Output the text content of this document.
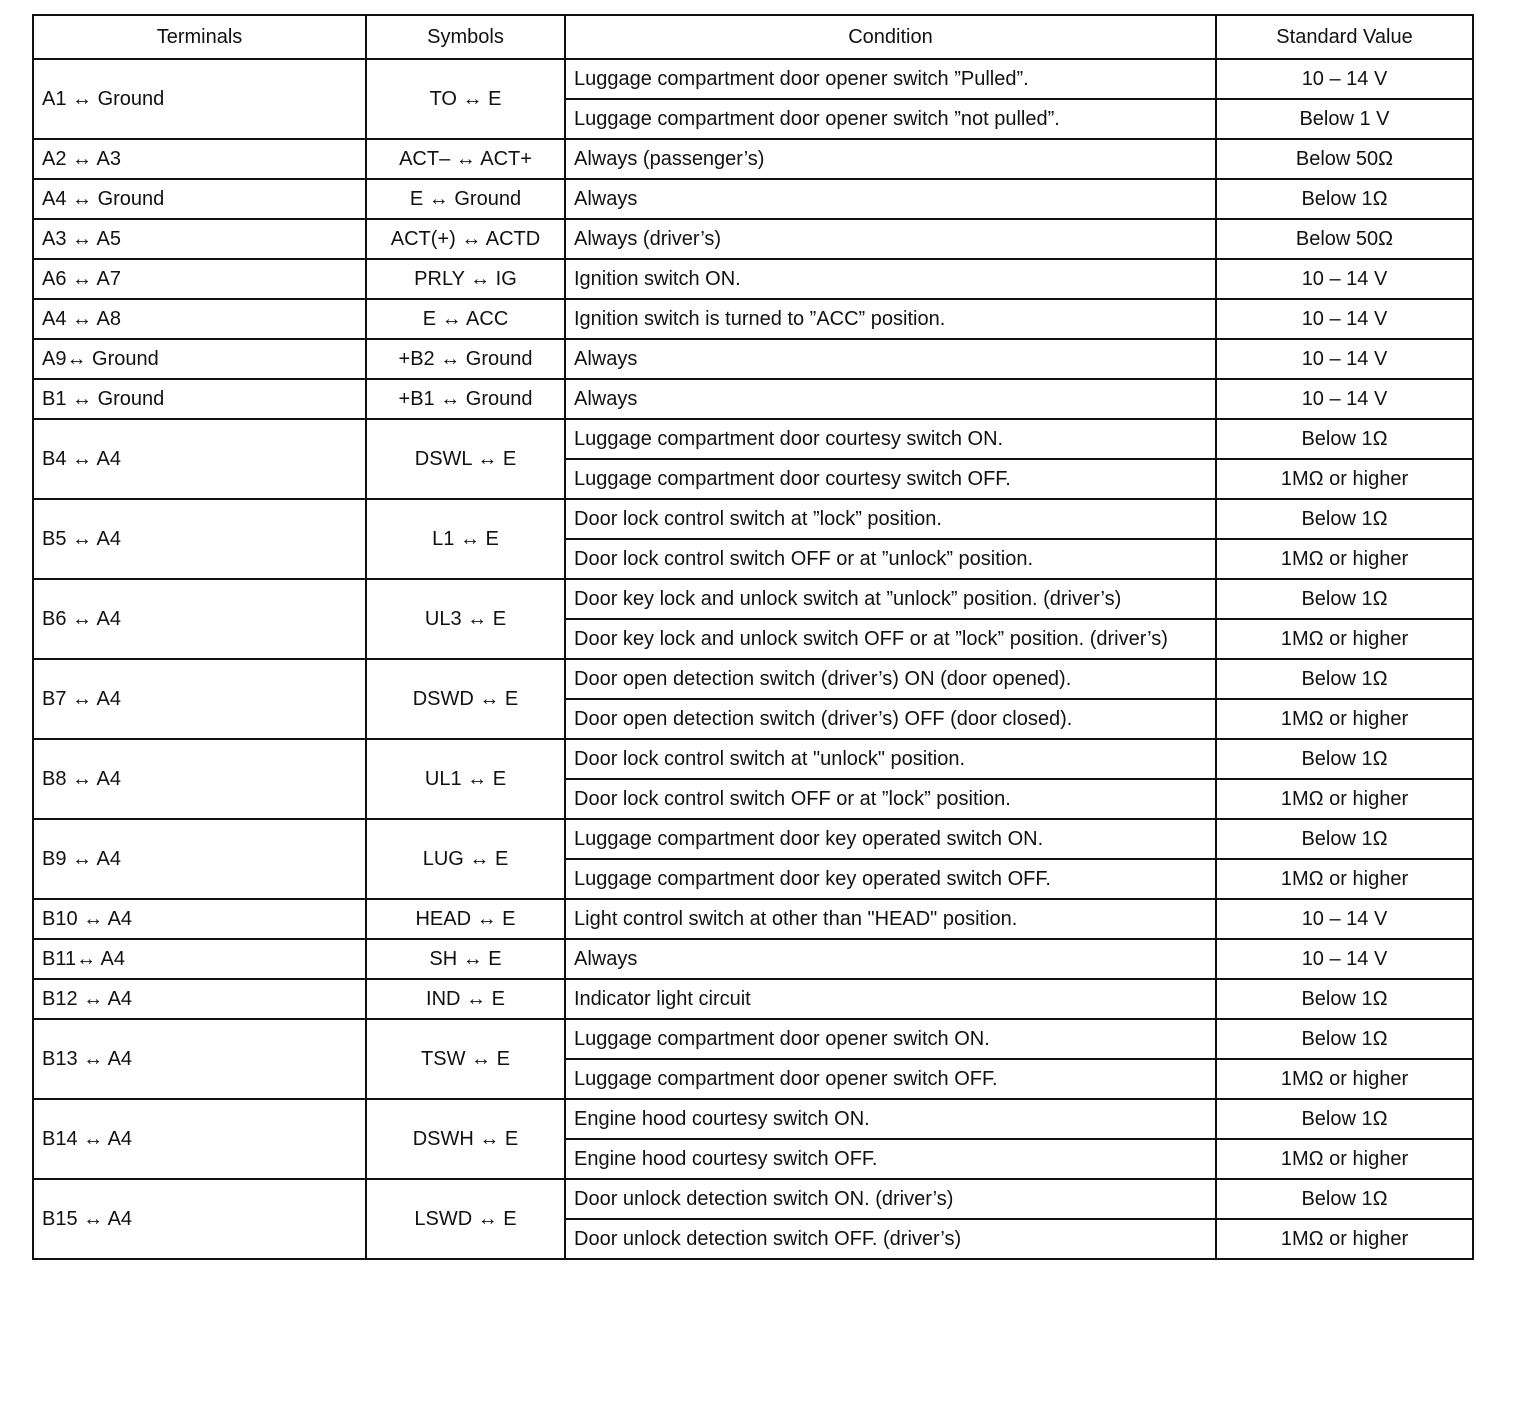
Terminals	Symbols	Condition	Standard Value
A1 ↔ Ground	TO ↔ E	Luggage compartment door opener switch ”Pulled”.	10 – 14 V
		Luggage compartment door opener switch ”not pulled”.	Below 1 V
A2 ↔ A3	ACT– ↔ ACT+	Always (passenger’s)	Below 50Ω
A4 ↔ Ground	E ↔ Ground	Always	Below 1Ω
A3 ↔ A5	ACT(+) ↔ ACTD	Always (driver’s)	Below 50Ω
A6 ↔ A7	PRLY ↔ IG	Ignition switch ON.	10 – 14 V
A4 ↔ A8	E ↔ ACC	Ignition switch is turned to ”ACC” position.	10 – 14 V
A9↔ Ground	+B2 ↔ Ground	Always	10 – 14 V
B1 ↔ Ground	+B1 ↔ Ground	Always	10 – 14 V
B4 ↔ A4	DSWL ↔ E	Luggage compartment door courtesy switch ON.	Below 1Ω
		Luggage compartment door courtesy switch OFF.	1MΩ or higher
B5 ↔ A4	L1 ↔ E	Door lock control switch at ”lock” position.	Below 1Ω
		Door lock control switch OFF or at ”unlock” position.	1MΩ or higher
B6 ↔ A4	UL3 ↔ E	Door key lock and unlock switch at ”unlock” position. (driver’s)	Below 1Ω
		Door key lock and unlock switch OFF or at ”lock” position. (driver’s)	1MΩ or higher
B7 ↔ A4	DSWD ↔ E	Door open detection switch (driver’s) ON (door opened).	Below 1Ω
		Door open detection switch (driver’s) OFF (door closed).	1MΩ or higher
B8 ↔ A4	UL1 ↔ E	Door lock control switch at "unlock" position.	Below 1Ω
		Door lock control switch OFF or at ”lock” position.	1MΩ or higher
B9 ↔ A4	LUG ↔ E	Luggage compartment door key operated switch ON.	Below 1Ω
		Luggage compartment door key operated switch OFF.	1MΩ or higher
B10 ↔ A4	HEAD ↔ E	Light control switch at other than "HEAD" position.	10 – 14 V
B11↔ A4	SH ↔ E	Always	10 – 14 V
B12 ↔ A4	IND ↔ E	Indicator light circuit	Below 1Ω
B13 ↔ A4	TSW ↔ E	Luggage compartment door opener switch ON.	Below 1Ω
		Luggage compartment door opener switch OFF.	1MΩ or higher
B14 ↔ A4	DSWH ↔ E	Engine hood courtesy switch ON.	Below 1Ω
		Engine hood courtesy switch OFF.	1MΩ or higher
B15 ↔ A4	LSWD ↔ E	Door unlock detection switch ON. (driver’s)	Below 1Ω
		Door unlock detection switch OFF. (driver’s)	1MΩ or higher
